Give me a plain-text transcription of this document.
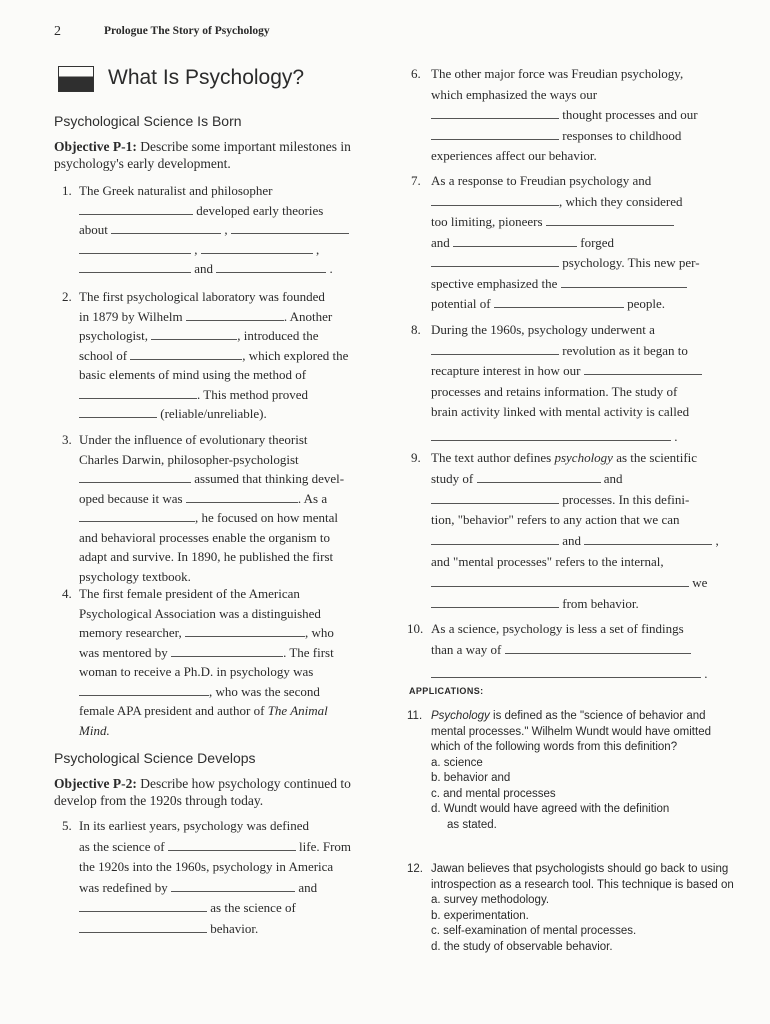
2	Prologue The Story of Psychology
What Is Psychology?
Psychological Science Is Born
Objective P-1: Describe some important milestones in psychology's early development.
1. The Greek naturalist and philosopher
developed early theories
about	,
,	,
and	.
2. The first psychological laboratory was founded
in 1879 by Wilhelm	. Another
psychologist,	, introduced the
school of	, which explored the
basic elements of mind using the method of
. This method proved
(reliable/unreliable).
3. Under the influence of evolutionary theorist
Charles Darwin, philosopher-psychologist
assumed that thinking devel-
oped because it was	. As a
, he focused on how mental
and behavioral processes enable the organism to
adapt and survive. In 1890, he published the first
psychology textbook.
4. The first female president of the American
Psychological Association was a distinguished
memory researcher,	, who
was mentored by	. The first
woman to receive a Ph.D. in psychology was
, who was the second
female APA president and author of The Animal
Mind.
Psychological Science Develops
Objective P-2: Describe how psychology continued to develop from the 1920s through today.
5. In its earliest years, psychology was defined
as the science of	life. From
the 1920s into the 1960s, psychology in America
was redefined by	and
as the science of
behavior.
6. The other major force was Freudian psychology,
which emphasized the ways our
thought processes and our
responses to childhood
experiences affect our behavior.
7. As a response to Freudian psychology and
, which they considered
too limiting, pioneers
and	forged
psychology. This new per-
spective emphasized the
potential of	people.
8. During the 1960s, psychology underwent a
revolution as it began to
recapture interest in how our
processes and retains information. The study of
brain activity linked with mental activity is called
.
9. The text author defines psychology as the scientific
study of	and
processes. In this defini-
tion, "behavior" refers to any action that we can
and	,
and "mental processes" refers to the internal,
we
from behavior.
10. As a science, psychology is less a set of findings
than a way of
.
APPLICATIONS:
11. Psychology is defined as the "science of behavior and mental processes." Wilhelm Wundt would have omitted which of the following words from this definition?
a. science
b. behavior and
c. and mental processes
d. Wundt would have agreed with the definition
as stated.
12. Jawan believes that psychologists should go back to using introspection as a research tool. This technique is based on
a. survey methodology.
b. experimentation.
c. self-examination of mental processes.
d. the study of observable behavior.
